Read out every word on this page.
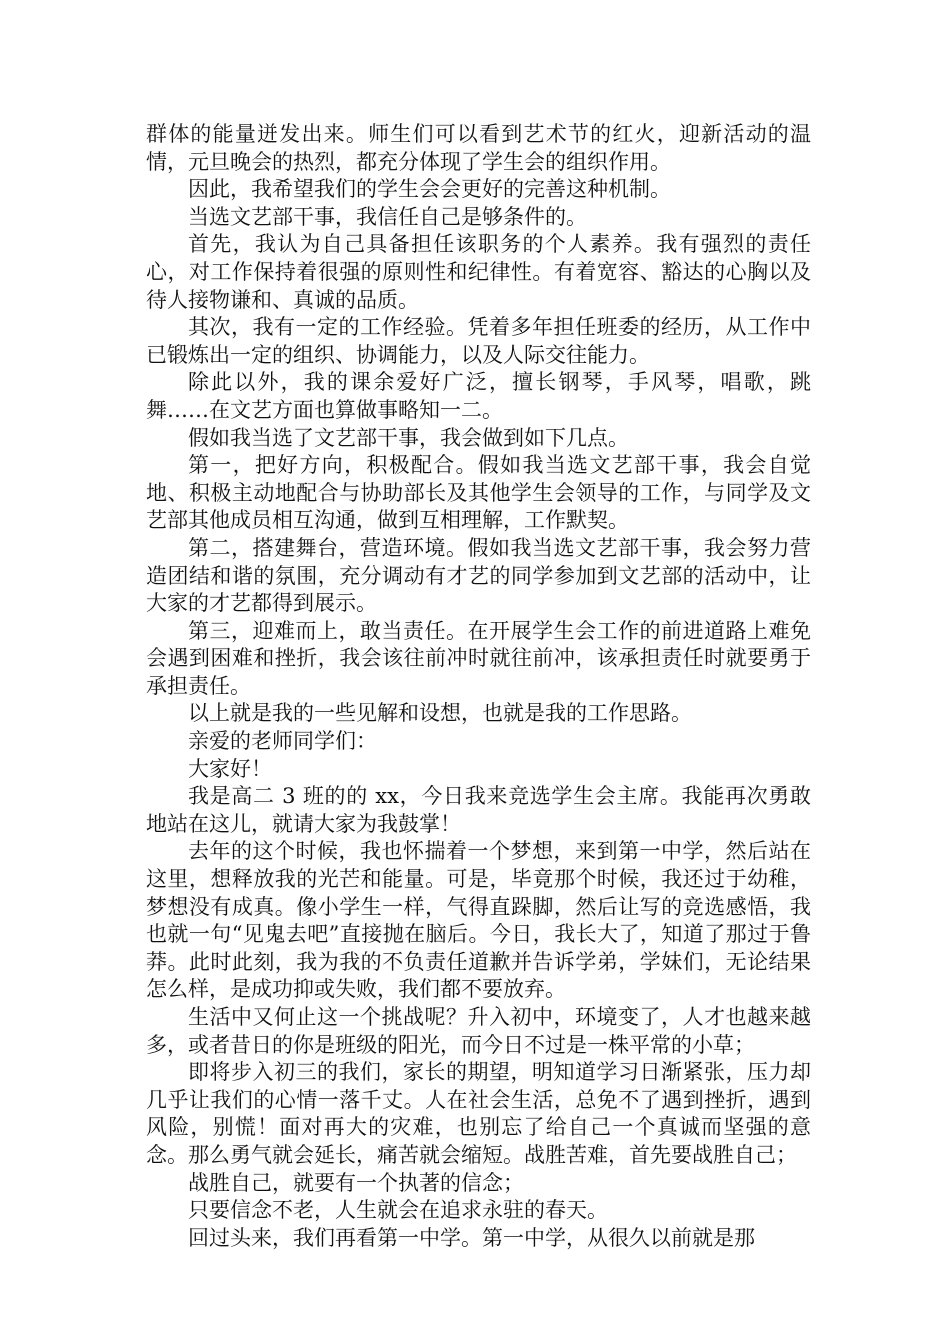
群体的能量迸发出来。师生们可以看到艺术节的红火，迎新活动的温情，元旦晚会的热烈，都充分体现了学生会的组织作用。

因此，我希望我们的学生会会更好的完善这种机制。

当选文艺部干事，我信任自己是够条件的。

首先，我认为自己具备担任该职务的个人素养。我有强烈的责任心，对工作保持着很强的原则性和纪律性。有着宽容、豁达的心胸以及待人接物谦和、真诚的品质。

其次，我有一定的工作经验。凭着多年担任班委的经历，从工作中已锻炼出一定的组织、协调能力，以及人际交往能力。

除此以外，我的课余爱好广泛，擅长钢琴，手风琴，唱歌，跳舞……在文艺方面也算做事略知一二。

假如我当选了文艺部干事，我会做到如下几点。

第一，把好方向，积极配合。假如我当选文艺部干事，我会自觉地、积极主动地配合与协助部长及其他学生会领导的工作，与同学及文艺部其他成员相互沟通，做到互相理解，工作默契。

第二，搭建舞台，营造环境。假如我当选文艺部干事，我会努力营造团结和谐的氛围，充分调动有才艺的同学参加到文艺部的活动中，让大家的才艺都得到展示。

第三，迎难而上，敢当责任。在开展学生会工作的前进道路上难免会遇到困难和挫折，我会该往前冲时就往前冲，该承担责任时就要勇于承担责任。

以上就是我的一些见解和设想，也就是我的工作思路。

亲爱的老师同学们：

大家好！

我是高二 3 班的的 xx，今日我来竞选学生会主席。我能再次勇敢地站在这儿，就请大家为我鼓掌！

去年的这个时候，我也怀揣着一个梦想，来到第一中学，然后站在这里，想释放我的光芒和能量。可是，毕竟那个时候，我还过于幼稚，梦想没有成真。像小学生一样，气得直跺脚，然后让写的竞选感悟，我也就一句“见鬼去吧”直接抛在脑后。今日，我长大了，知道了那过于鲁莽。此时此刻，我为我的不负责任道歉并告诉学弟，学妹们，无论结果怎么样，是成功抑或失败，我们都不要放弃。

生活中又何止这一个挑战呢？升入初中，环境变了，人才也越来越多，或者昔日的你是班级的阳光，而今日不过是一株平常的小草；

即将步入初三的我们，家长的期望，明知道学习日渐紧张，压力却几乎让我们的心情一落千丈。人在社会生活，总免不了遇到挫折，遇到风险，别慌！面对再大的灾难，也别忘了给自己一个真诚而坚强的意念。那么勇气就会延长，痛苦就会缩短。战胜苦难，首先要战胜自己；

战胜自己，就要有一个执著的信念；

只要信念不老，人生就会在追求永驻的春天。

回过头来，我们再看第一中学。第一中学，从很久以前就是那
